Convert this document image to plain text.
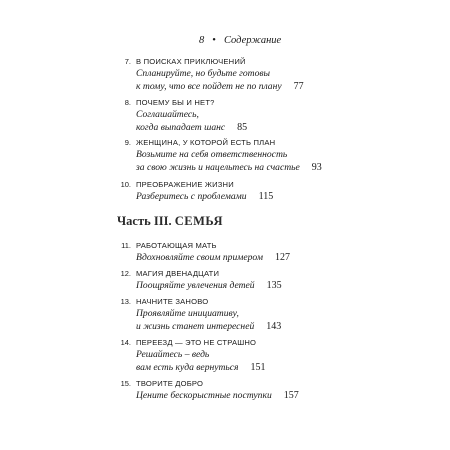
8 • Содержание
7. В ПОИСКАХ ПРИКЛЮЧЕНИЙ
Спланируйте, но будьте готовы
к тому, что все пойдет не по плану 77
8. ПОЧЕМУ БЫ И НЕТ?
Соглашайтесь,
когда выпадает шанс 85
9. ЖЕНЩИНА, У КОТОРОЙ ЕСТЬ ПЛАН
Возьмите на себя ответственность
за свою жизнь и нацельтесь на счастье 93
10. ПРЕОБРАЖЕНИЕ ЖИЗНИ
Разберитесь с проблемами 115
Часть III. СЕМЬЯ
11. РАБОТАЮЩАЯ МАТЬ
Вдохновляйте своим примером 127
12. МАГИЯ ДВЕНАДЦАТИ
Поощряйте увлечения детей 135
13. НАЧНИТЕ ЗАНОВО
Проявляйте инициативу,
и жизнь станет интересней 143
14. ПЕРЕЕЗД — ЭТО НЕ СТРАШНО
Решайтесь – ведь
вам есть куда вернуться 151
15. ТВОРИТЕ ДОБРО
Цените бескорыстные поступки 157
